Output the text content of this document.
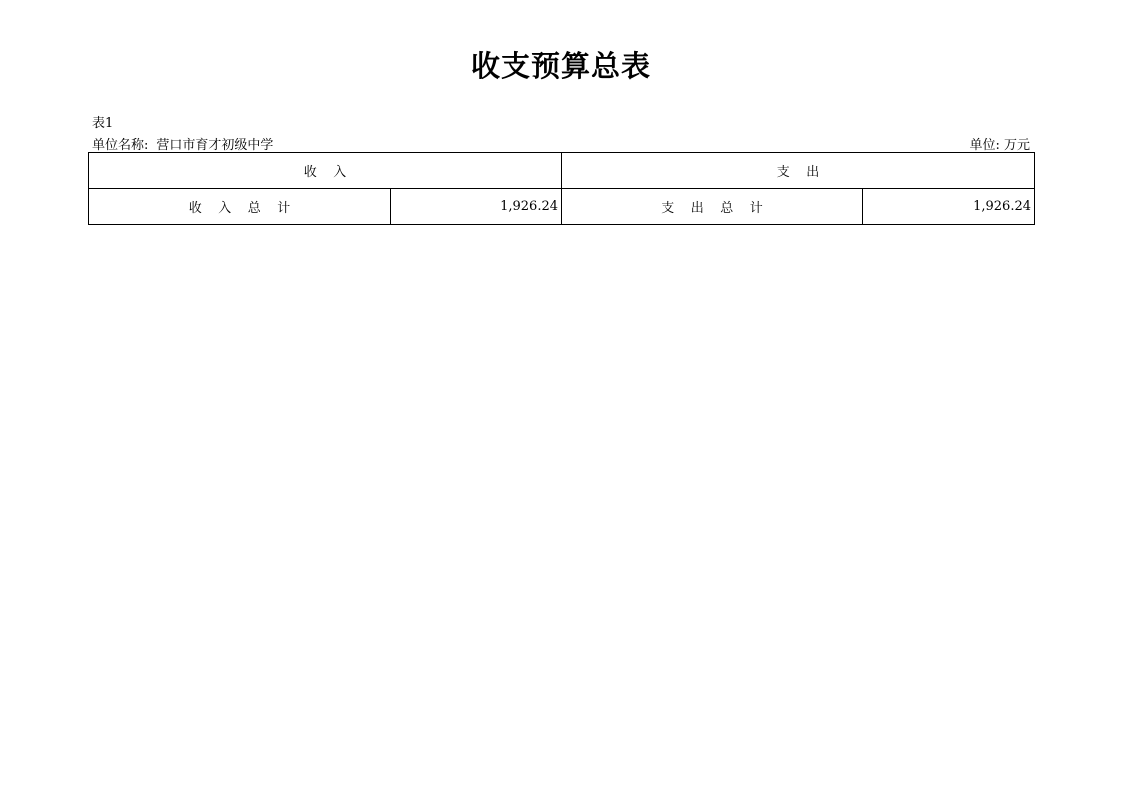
收支预算总表
表1
单位名称: 营口市育才初级中学	单位: 万元
收    入		支    出	
收    入    总    计	1,926.24	支    出    总    计	1,926.24
